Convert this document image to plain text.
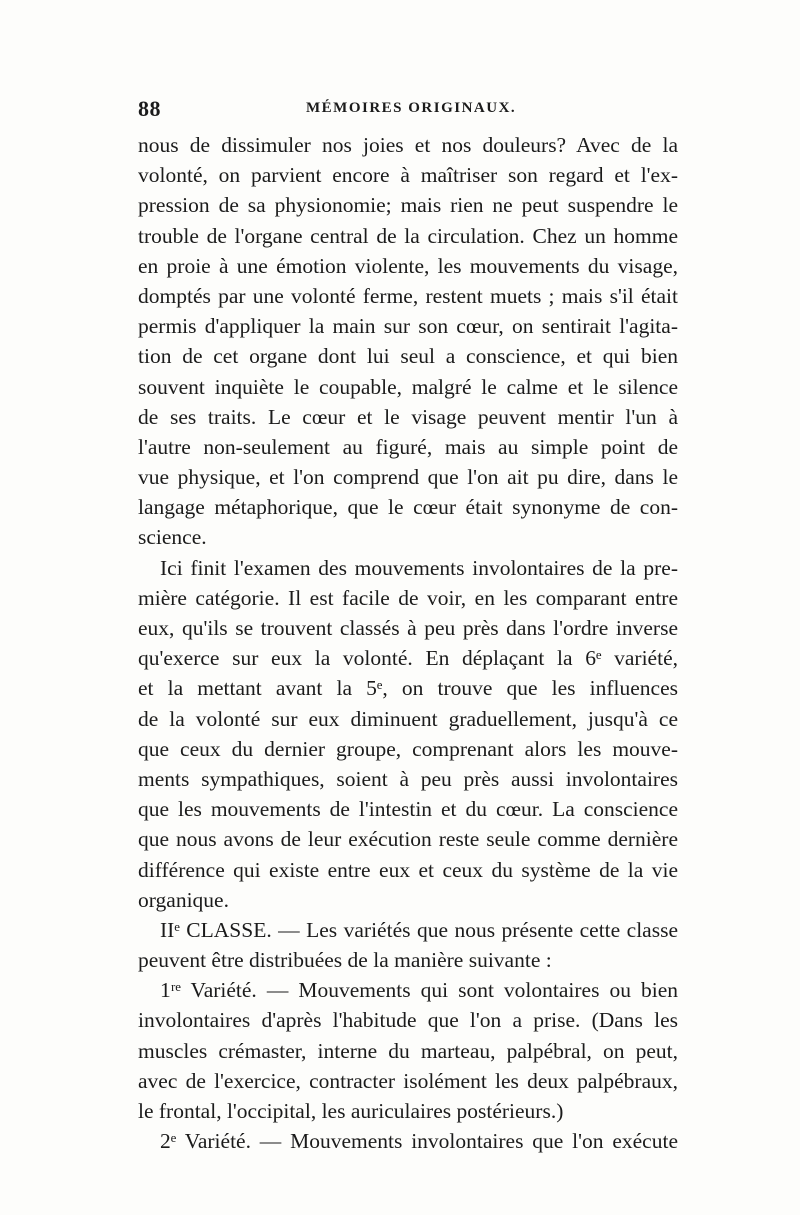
88	MÉMOIRES ORIGINAUX.
nous de dissimuler nos joies et nos douleurs? Avec de la
volonté, on parvient encore à maîtriser son regard et l'ex-
pression de sa physionomie; mais rien ne peut suspendre le
trouble de l'organe central de la circulation. Chez un homme
en proie à une émotion violente, les mouvements du visage,
domptés par une volonté ferme, restent muets ; mais s'il était
permis d'appliquer la main sur son cœur, on sentirait l'agita-
tion de cet organe dont lui seul a conscience, et qui bien
souvent inquiète le coupable, malgré le calme et le silence
de ses traits. Le cœur et le visage peuvent mentir l'un à
l'autre non-seulement au figuré, mais au simple point de
vue physique, et l'on comprend que l'on ait pu dire, dans le
langage métaphorique, que le cœur était synonyme de con-
science.
Ici finit l'examen des mouvements involontaires de la pre-
mière catégorie. Il est facile de voir, en les comparant entre
eux, qu'ils se trouvent classés à peu près dans l'ordre inverse
qu'exerce sur eux la volonté. En déplaçant la 6ᵉ variété,
et la mettant avant la 5ᵉ, on trouve que les influences
de la volonté sur eux diminuent graduellement, jusqu'à ce
que ceux du dernier groupe, comprenant alors les mouve-
ments sympathiques, soient à peu près aussi involontaires
que les mouvements de l'intestin et du cœur. La conscience
que nous avons de leur exécution reste seule comme dernière
différence qui existe entre eux et ceux du système de la vie
organique.
IIᵉ CLASSE. — Les variétés que nous présente cette classe
peuvent être distribuées de la manière suivante :
1ʳᵉ Variété. — Mouvements qui sont volontaires ou bien
involontaires d'après l'habitude que l'on a prise. (Dans les
muscles crémaster, interne du marteau, palpébral, on peut,
avec de l'exercice, contracter isolément les deux palpébraux,
le frontal, l'occipital, les auriculaires postérieurs.)
2ᵉ Variété. — Mouvements involontaires que l'on exécute
